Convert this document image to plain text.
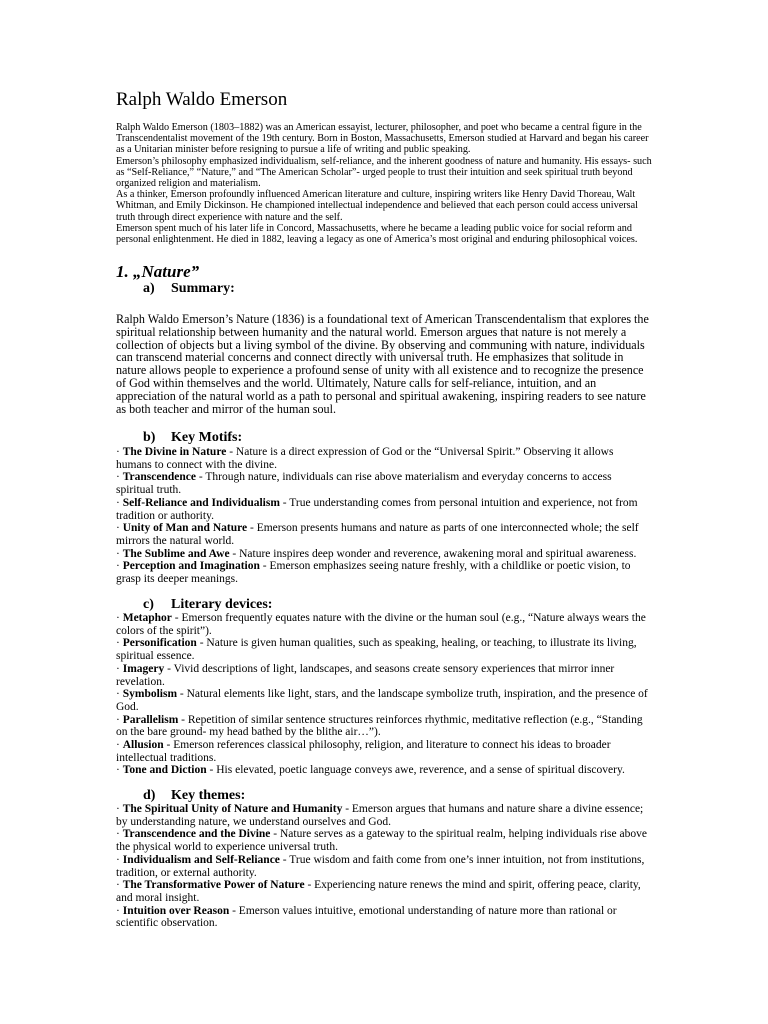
Ralph Waldo Emerson

Ralph Waldo Emerson (1803–1882) was an American essayist, lecturer, philosopher, and poet who became a central figure in the Transcendentalist movement of the 19th century. Born in Boston, Massachusetts, Emerson studied at Harvard and began his career as a Unitarian minister before resigning to pursue a life of writing and public speaking.

Emerson’s philosophy emphasized individualism, self-reliance, and the inherent goodness of nature and humanity. His essays- such as “Self-Reliance,” “Nature,” and “The American Scholar”- urged people to trust their intuition and seek spiritual truth beyond organized religion and materialism.

As a thinker, Emerson profoundly influenced American literature and culture, inspiring writers like Henry David Thoreau, Walt Whitman, and Emily Dickinson. He championed intellectual independence and believed that each person could access universal truth through direct experience with nature and the self.

Emerson spent much of his later life in Concord, Massachusetts, where he became a leading public voice for social reform and personal enlightenment. He died in 1882, leaving a legacy as one of America’s most original and enduring philosophical voices.

1. „Nature”
a) Summary:
Ralph Waldo Emerson’s Nature (1836) is a foundational text of American Transcendentalism that explores the spiritual relationship between humanity and the natural world. Emerson argues that nature is not merely a collection of objects but a living symbol of the divine. By observing and communing with nature, individuals can transcend material concerns and connect directly with universal truth. He emphasizes that solitude in nature allows people to experience a profound sense of unity with all existence and to recognize the presence of God within themselves and the world. Ultimately, Nature calls for self-reliance, intuition, and an appreciation of the natural world as a path to personal and spiritual awakening, inspiring readers to see nature as both teacher and mirror of the human soul.
b) Key Motifs:

· The Divine in Nature - Nature is a direct expression of God or the “Universal Spirit.” Observing it allows humans to connect with the divine.

· Transcendence - Through nature, individuals can rise above materialism and everyday concerns to access spiritual truth.

· Self-Reliance and Individualism - True understanding comes from personal intuition and experience, not from tradition or authority.

· Unity of Man and Nature - Emerson presents humans and nature as parts of one interconnected whole; the self mirrors the natural world.

· The Sublime and Awe - Nature inspires deep wonder and reverence, awakening moral and spiritual awareness.

· Perception and Imagination - Emerson emphasizes seeing nature freshly, with a childlike or poetic vision, to grasp its deeper meanings.

c) Literary devices:

· Metaphor - Emerson frequently equates nature with the divine or the human soul (e.g., “Nature always wears the colors of the spirit”).

· Personification - Nature is given human qualities, such as speaking, healing, or teaching, to illustrate its living, spiritual essence.

· Imagery - Vivid descriptions of light, landscapes, and seasons create sensory experiences that mirror inner revelation.

· Symbolism - Natural elements like light, stars, and the landscape symbolize truth, inspiration, and the presence of God.

· Parallelism - Repetition of similar sentence structures reinforces rhythmic, meditative reflection (e.g., “Standing on the bare ground- my head bathed by the blithe air…”).

· Allusion - Emerson references classical philosophy, religion, and literature to connect his ideas to broader intellectual traditions.

· Tone and Diction - His elevated, poetic language conveys awe, reverence, and a sense of spiritual discovery.

d) Key themes:

· The Spiritual Unity of Nature and Humanity - Emerson argues that humans and nature share a divine essence; by understanding nature, we understand ourselves and God.

· Transcendence and the Divine - Nature serves as a gateway to the spiritual realm, helping individuals rise above the physical world to experience universal truth.

· Individualism and Self-Reliance - True wisdom and faith come from one’s inner intuition, not from institutions, tradition, or external authority.

· The Transformative Power of Nature - Experiencing nature renews the mind and spirit, offering peace, clarity, and moral insight.

· Intuition over Reason - Emerson values intuitive, emotional understanding of nature more than rational or scientific observation.
